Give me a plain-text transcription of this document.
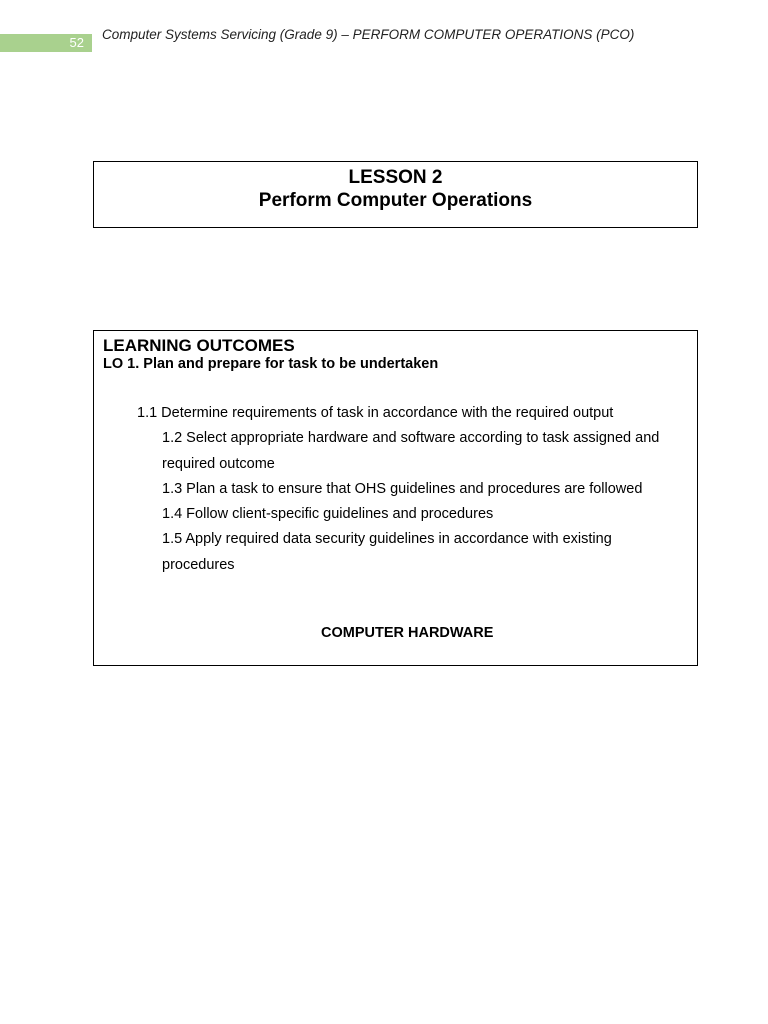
52
Computer Systems Servicing (Grade 9) – PERFORM COMPUTER OPERATIONS (PCO)
LESSON 2
Perform Computer Operations
LEARNING OUTCOMES
LO 1. Plan and prepare for task to be undertaken
1.1 Determine requirements of task in accordance with the required output
1.2 Select appropriate hardware and software according to task assigned and required outcome
1.3 Plan a task to ensure that OHS guidelines and procedures are followed
1.4 Follow client-specific guidelines and procedures
1.5 Apply required data security guidelines in accordance with existing procedures
COMPUTER HARDWARE
